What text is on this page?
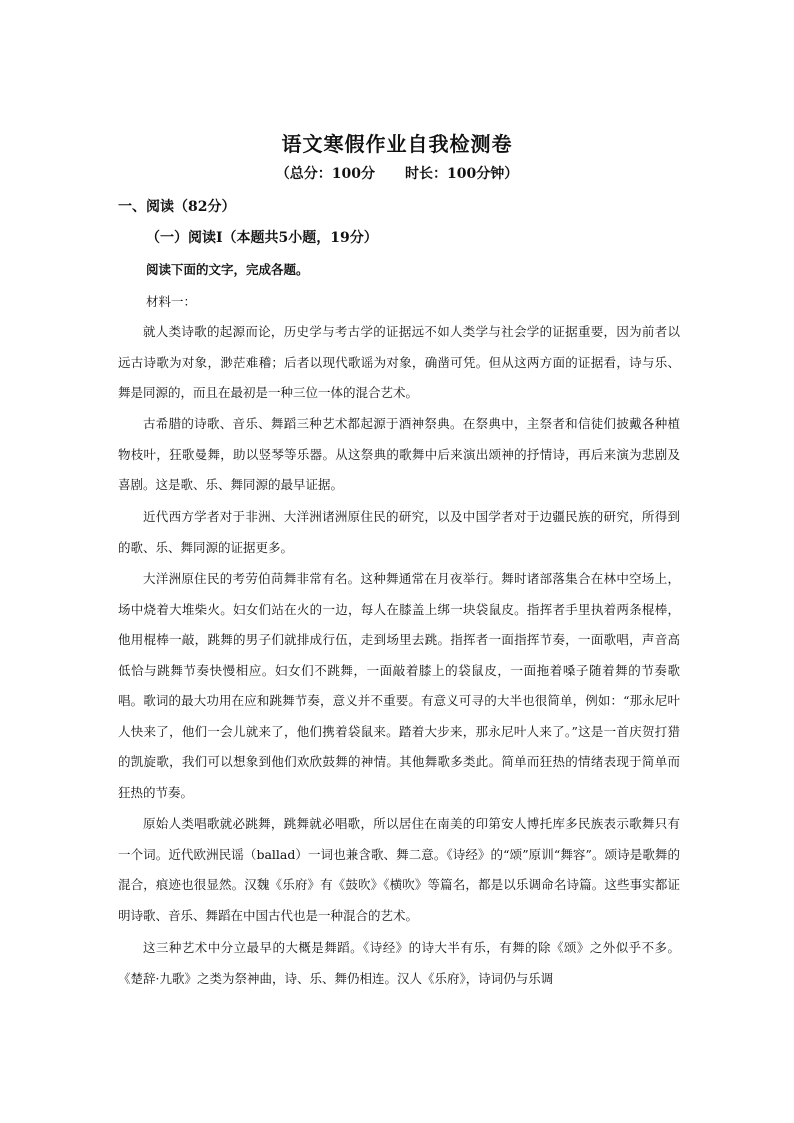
语文寒假作业自我检测卷
（总分：100分 时长：100分钟）
一、阅读（82分）
（一）阅读Ⅰ（本题共5小题，19分）
阅读下面的文字，完成各题。
材料一：

就人类诗歌的起源而论，历史学与考古学的证据远不如人类学与社会学的证据重要，因为前者以远古诗歌为对象，渺茫难稽；后者以现代歌谣为对象，确凿可凭。但从这两方面的证据看，诗与乐、舞是同源的，而且在最初是一种三位一体的混合艺术。

古希腊的诗歌、音乐、舞蹈三种艺术都起源于酒神祭典。在祭典中，主祭者和信徒们披戴各种植物枝叶，狂歌曼舞，助以竖琴等乐器。从这祭典的歌舞中后来演出颂神的抒情诗，再后来演为悲剧及喜剧。这是歌、乐、舞同源的最早证据。

近代西方学者对于非洲、大洋洲诸洲原住民的研究，以及中国学者对于边疆民族的研究，所得到的歌、乐、舞同源的证据更多。

大洋洲原住民的考劳伯苘舞非常有名。这种舞通常在月夜举行。舞时诸部落集合在林中空场上，场中烧着大堆柴火。妇女们站在火的一边，每人在膝盖上绑一块袋鼠皮。指挥者手里执着两条棍棒，他用棍棒一敲，跳舞的男子们就排成行伍，走到场里去跳。指挥者一面指挥节奏，一面歌唱，声音高低恰与跳舞节奏快慢相应。妇女们不跳舞，一面敲着膝上的袋鼠皮，一面拖着嗓子随着舞的节奏歌唱。歌词的最大功用在应和跳舞节奏，意义并不重要。有意义可寻的大半也很简单，例如：“那永尼叶人快来了，他们一会儿就来了，他们携着袋鼠来。踏着大步来，那永尼叶人来了。”这是一首庆贺打猎的凯旋歌，我们可以想象到他们欢欣鼓舞的神情。其他舞歌多类此。简单而狂热的情绪表现于简单而狂热的节奏。

原始人类唱歌就必跳舞，跳舞就必唱歌，所以居住在南美的印第安人博托库多民族表示歌舞只有一个词。近代欧洲民谣（ballad）一词也兼含歌、舞二意。《诗经》的“颂”原训“舞容”。颂诗是歌舞的混合，痕迹也很显然。汉魏《乐府》有《鼓吹》《横吹》等篇名，都是以乐调命名诗篇。这些事实都证明诗歌、音乐、舞蹈在中国古代也是一种混合的艺术。

这三种艺术中分立最早的大概是舞蹈。《诗经》的诗大半有乐，有舞的除《颂》之外似乎不多。《楚辞·九歌》之类为祭神曲，诗、乐、舞仍相连。汉人《乐府》，诗词仍与乐调
